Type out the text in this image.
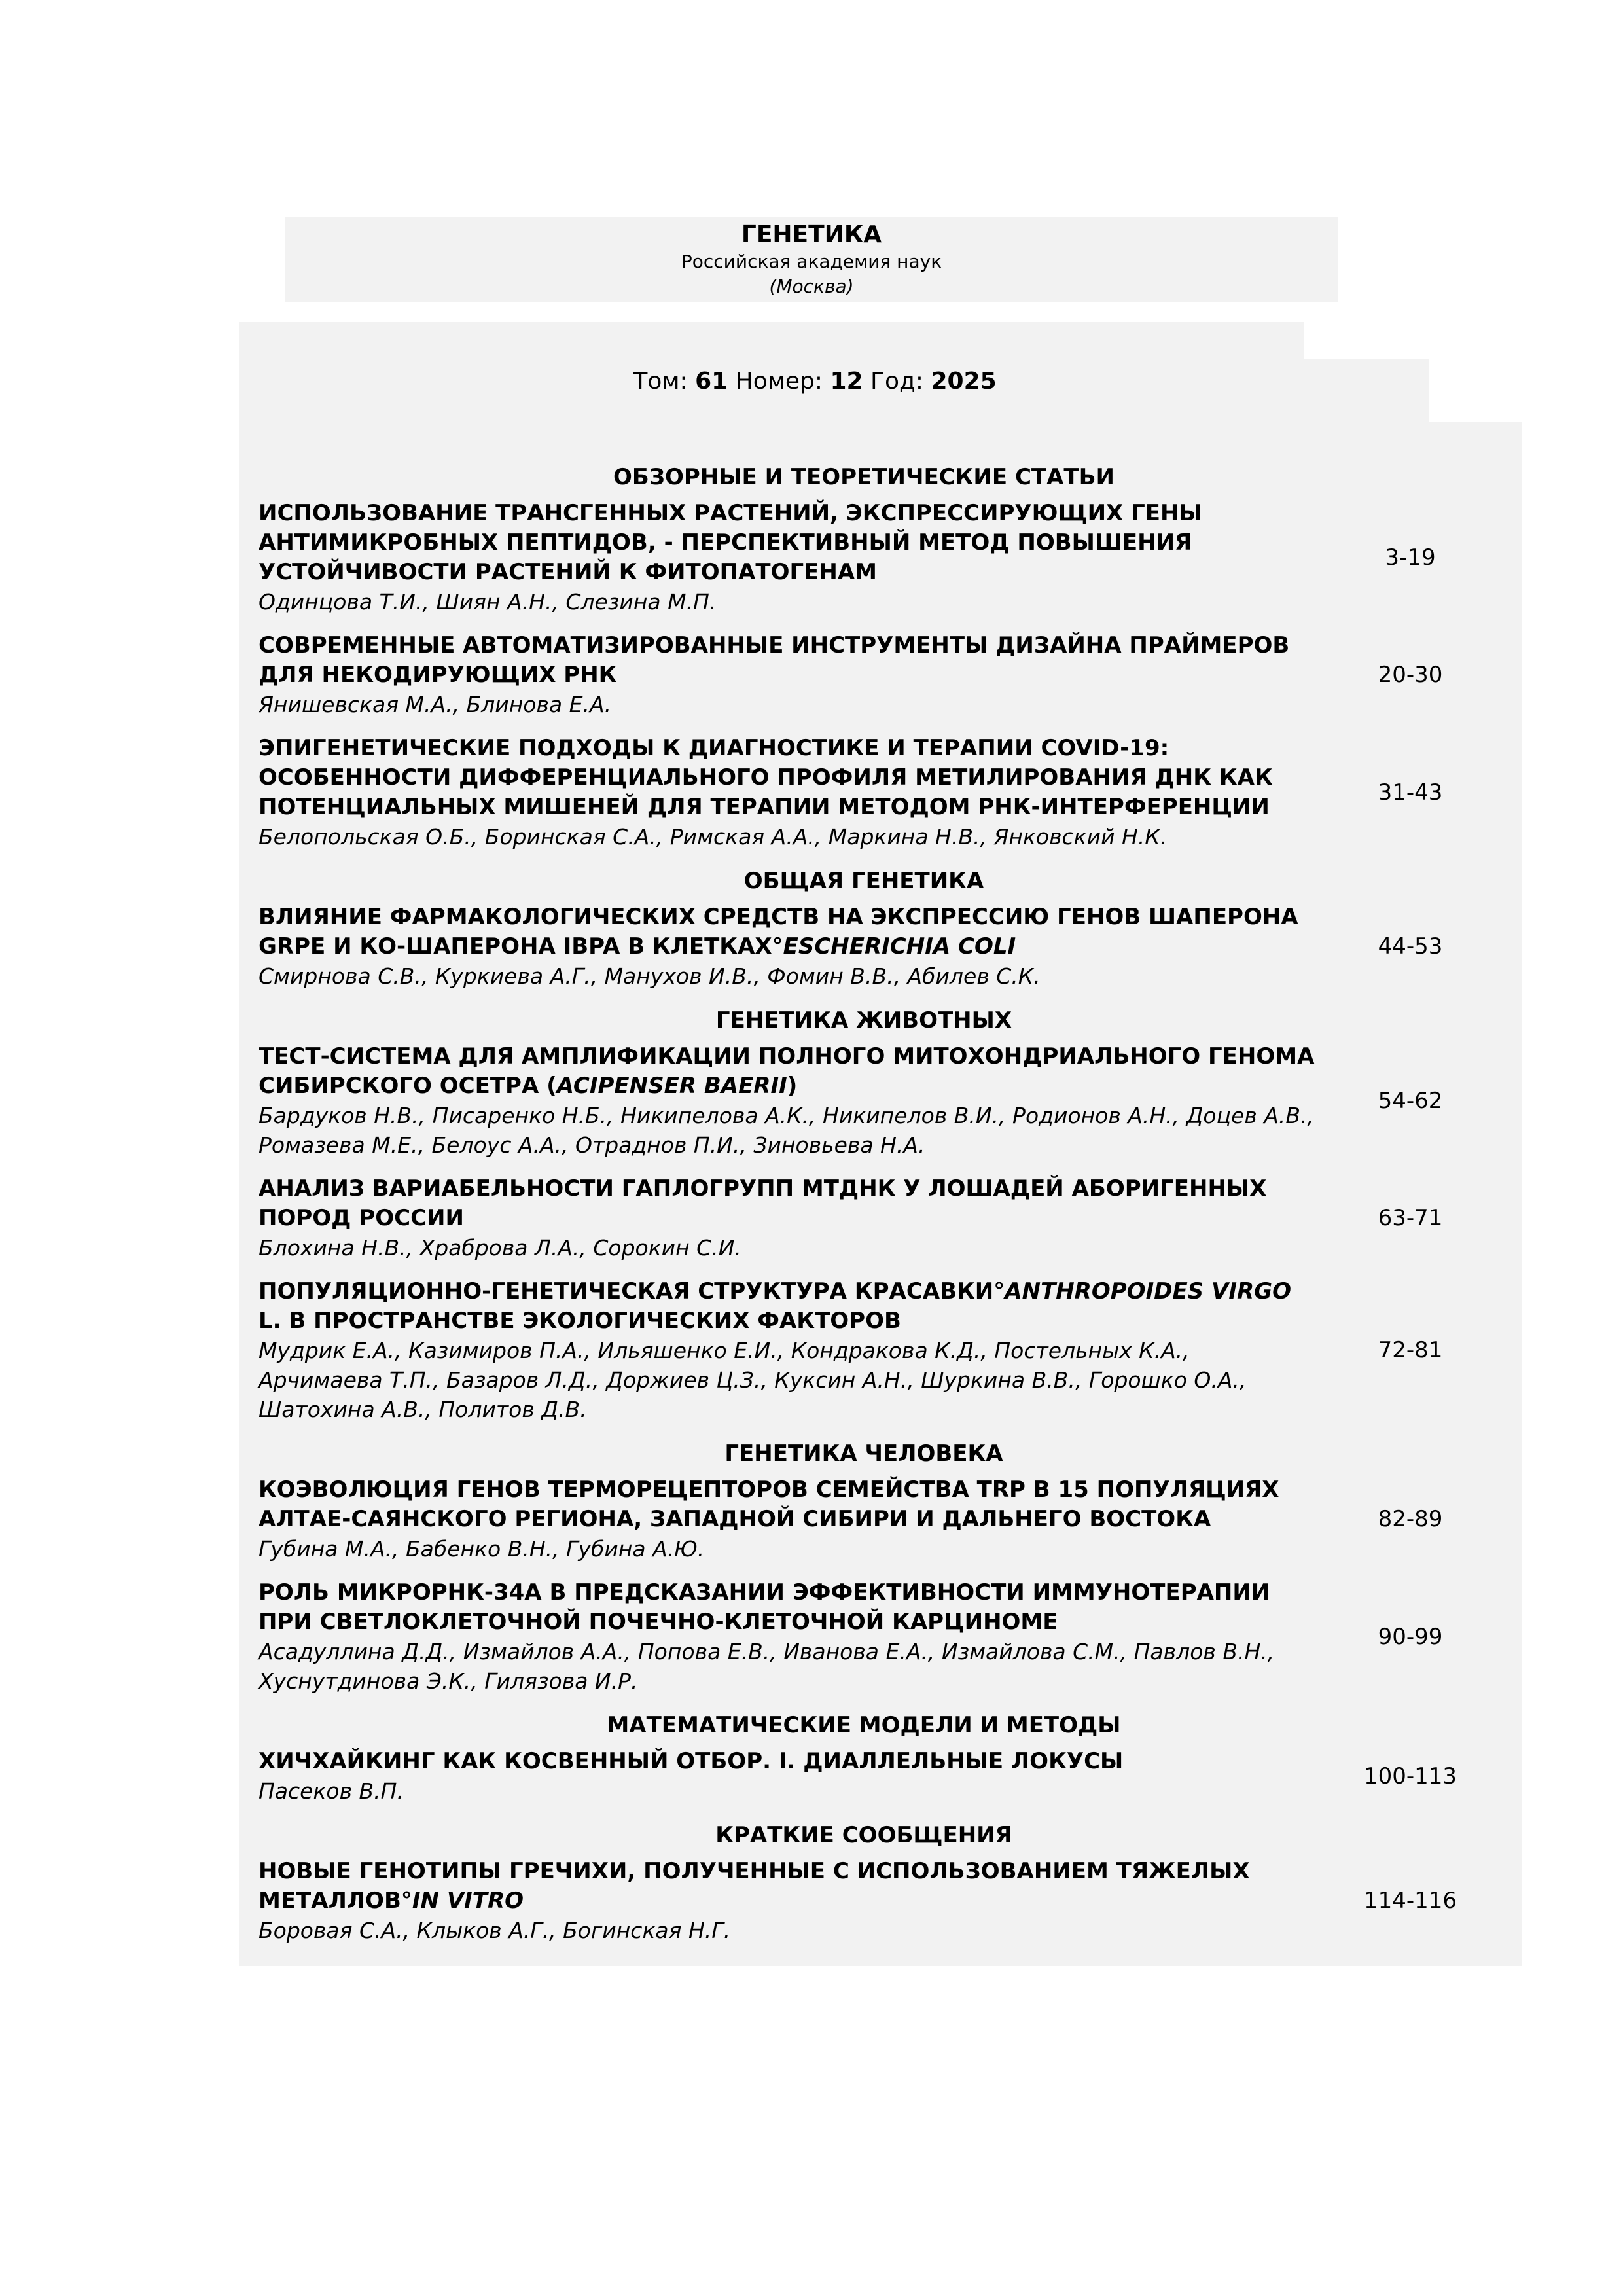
ГЕНЕТИКА
Российская академия наук
(Москва)
Том: 61 Номер: 12 Год: 2025
ОБЗОРНЫЕ И ТЕОРЕТИЧЕСКИЕ СТАТЬИ
ИСПОЛЬЗОВАНИЕ ТРАНСГЕННЫХ РАСТЕНИЙ, ЭКСПРЕССИРУЮЩИХ ГЕНЫ АНТИМИКРОБНЫХ ПЕПТИДОВ, - ПЕРСПЕКТИВНЫЙ МЕТОД ПОВЫШЕНИЯ УСТОЙЧИВОСТИ РАСТЕНИЙ К ФИТОПАТОГЕНАМ
Одинцова Т.И., Шиян А.Н., Слезина М.П.
3-19
СОВРЕМЕННЫЕ АВТОМАТИЗИРОВАННЫЕ ИНСТРУМЕНТЫ ДИЗАЙНА ПРАЙМЕРОВ ДЛЯ НЕКОДИРУЮЩИХ РНК
Янишевская М.А., Блинова Е.А.
20-30
ЭПИГЕНЕТИЧЕСКИЕ ПОДХОДЫ К ДИАГНОСТИКЕ И ТЕРАПИИ COVID-19: ОСОБЕННОСТИ ДИФФЕРЕНЦИАЛЬНОГО ПРОФИЛЯ МЕТИЛИРОВАНИЯ ДНК КАК ПОТЕНЦИАЛЬНЫХ МИШЕНЕЙ ДЛЯ ТЕРАПИИ МЕТОДОМ РНК-ИНТЕРФЕРЕНЦИИ
Белопольская О.Б., Боринская С.А., Римская А.А., Маркина Н.В., Янковский Н.К.
31-43
ОБЩАЯ ГЕНЕТИКА
ВЛИЯНИЕ ФАРМАКОЛОГИЧЕСКИХ СРЕДСТВ НА ЭКСПРЕССИЮ ГЕНОВ ШАПЕРОНА GRPE И КО-ШАПЕРОНА IBPA В КЛЕТКАХ°ESCHERICHIA COLI
Смирнова С.В., Куркиева А.Г., Манухов И.В., Фомин В.В., Абилев С.К.
44-53
ГЕНЕТИКА ЖИВОТНЫХ
ТЕСТ-СИСТЕМА ДЛЯ АМПЛИФИКАЦИИ ПОЛНОГО МИТОХОНДРИАЛЬНОГО ГЕНОМА СИБИРСКОГО ОСЕТРА (ACIPENSER BAERII)
Бардуков Н.В., Писаренко Н.Б., Никипелова А.К., Никипелов В.И., Родионов А.Н., Доцев А.В., Ромазева М.Е., Белоус А.А., Отраднов П.И., Зиновьева Н.А.
54-62
АНАЛИЗ ВАРИАБЕЛЬНОСТИ ГАПЛОГРУПП МТДНК У ЛОШАДЕЙ АБОРИГЕННЫХ ПОРОД РОССИИ
Блохина Н.В., Храброва Л.А., Сорокин С.И.
63-71
ПОПУЛЯЦИОННО-ГЕНЕТИЧЕСКАЯ СТРУКТУРА КРАСАВКИ°ANTHROPOIDES VIRGO L. В ПРОСТРАНСТВЕ ЭКОЛОГИЧЕСКИХ ФАКТОРОВ
Мудрик Е.А., Казимиров П.А., Ильяшенко Е.И., Кондракова К.Д., Постельных К.А., Арчимаева Т.П., Базаров Л.Д., Доржиев Ц.З., Куксин А.Н., Шуркина В.В., Горошко О.А., Шатохина А.В., Политов Д.В.
72-81
ГЕНЕТИКА ЧЕЛОВЕКА
КОЭВОЛЮЦИЯ ГЕНОВ ТЕРМОРЕЦЕПТОРОВ СЕМЕЙСТВА TRP В 15 ПОПУЛЯЦИЯХ АЛТАЕ-САЯНСКОГО РЕГИОНА, ЗАПАДНОЙ СИБИРИ И ДАЛЬНЕГО ВОСТОКА
Губина М.А., Бабенко В.Н., Губина А.Ю.
82-89
РОЛЬ МИКРОРНК-34А В ПРЕДСКАЗАНИИ ЭФФЕКТИВНОСТИ ИММУНОТЕРАПИИ ПРИ СВЕТЛОКЛЕТОЧНОЙ ПОЧЕЧНО-КЛЕТОЧНОЙ КАРЦИНОМЕ
Асадуллина Д.Д., Измайлов А.А., Попова Е.В., Иванова Е.А., Измайлова С.М., Павлов В.Н., Хуснутдинова Э.К., Гилязова И.Р.
90-99
МАТЕМАТИЧЕСКИЕ МОДЕЛИ И МЕТОДЫ
ХИЧХАЙКИНГ КАК КОСВЕННЫЙ ОТБОР. I. ДИАЛЛЕЛЬНЫЕ ЛОКУСЫ
Пасеков В.П.
100-113
КРАТКИЕ СООБЩЕНИЯ
НОВЫЕ ГЕНОТИПЫ ГРЕЧИХИ, ПОЛУЧЕННЫЕ С ИСПОЛЬЗОВАНИЕМ ТЯЖЕЛЫХ МЕТАЛЛОВ°IN VITRO
Боровая С.А., Клыков А.Г., Богинская Н.Г.
114-116
